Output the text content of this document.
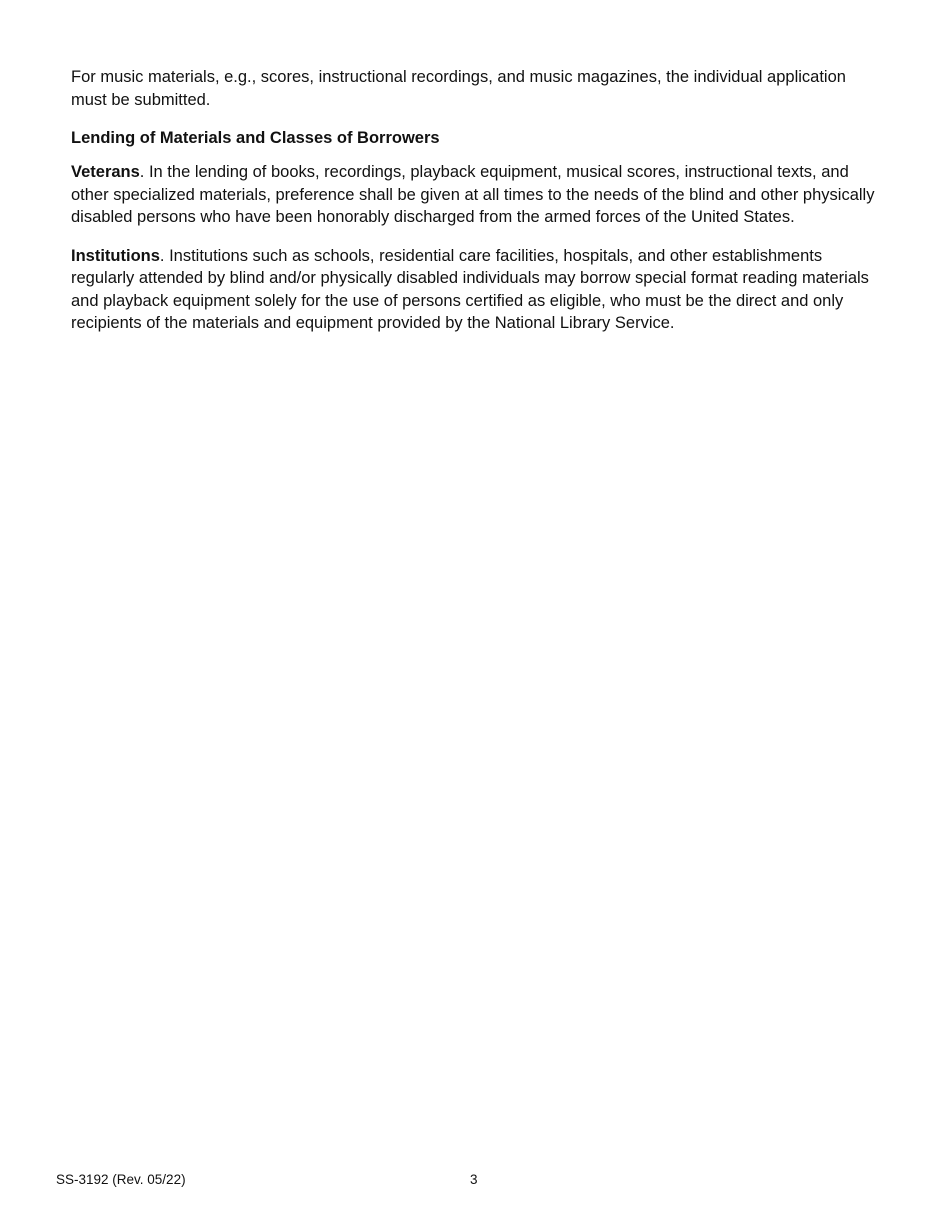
For music materials, e.g., scores, instructional recordings, and music magazines, the individual application must be submitted.

Lending of Materials and Classes of Borrowers

Veterans. In the lending of books, recordings, playback equipment, musical scores, instructional texts, and other specialized materials, preference shall be given at all times to the needs of the blind and other physically disabled persons who have been honorably discharged from the armed forces of the United States.

Institutions. Institutions such as schools, residential care facilities, hospitals, and other establishments regularly attended by blind and/or physically disabled individuals may borrow special format reading materials and playback equipment solely for the use of persons certified as eligible, who must be the direct and only recipients of the materials and equipment provided by the National Library Service.

SS-3192 (Rev. 05/22)	3
